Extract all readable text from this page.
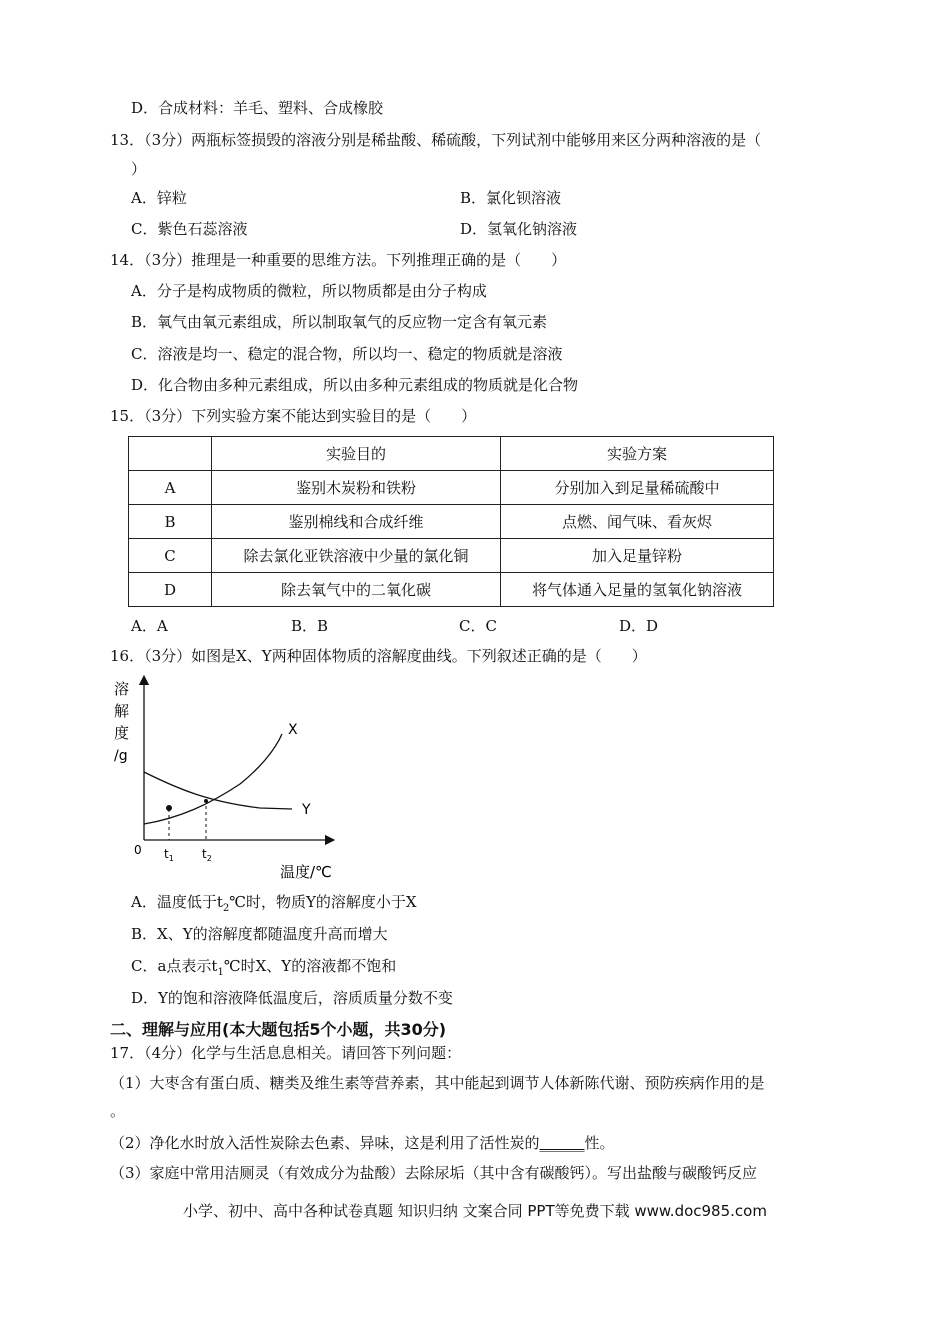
D．合成材料：羊毛、塑料、合成橡胶
13．（3分）两瓶标签损毁的溶液分别是稀盐酸、稀硫酸，下列试剂中能够用来区分两种溶液的是（
）
A．锌粒	B．氯化钡溶液
C．紫色石蕊溶液	D．氢氧化钠溶液
14．（3分）推理是一种重要的思维方法。下列推理正确的是（　　）
A．分子是构成物质的微粒，所以物质都是由分子构成
B．氧气由氧元素组成，所以制取氧气的反应物一定含有氧元素
C．溶液是均一、稳定的混合物，所以均一、稳定的物质就是溶液
D．化合物由多种元素组成，所以由多种元素组成的物质就是化合物
15．（3分）下列实验方案不能达到实验目的是（　　）
	实验目的	实验方案
A	鉴别木炭粉和铁粉	分别加入到足量稀硫酸中
B	鉴别棉线和合成纤维	点燃、闻气味、看灰烬
C	除去氯化亚铁溶液中少量的氯化铜	加入足量锌粉
D	除去氧气中的二氧化碳	将气体通入足量的氢氧化钠溶液
A．A	B．B	C．C	D．D
16．（3分）如图是X、Y两种固体物质的溶解度曲线。下列叙述正确的是（　　）
溶
解
度
/g
0 $t_1$ $t_2$
X
Y
温度/℃
A．温度低于$t_2℃$时，物质Y的溶解度小于X
B．X、Y的溶解度都随温度升高而增大
C．a点表示$t_1℃$时X、Y的溶液都不饱和
D．Y的饱和溶液降低温度后，溶质质量分数不变
二、理解与应用(本大题包括5个小题，共30分)
17．（4分）化学与生活息息相关。请回答下列问题：
（1）大枣含有蛋白质、糖类及维生素等营养素，其中能起到调节人体新陈代谢、预防疾病作用的是
。
（2）净化水时放入活性炭除去色素、异味，这是利用了活性炭的______性。
（3）家庭中常用洁厕灵（有效成分为盐酸）去除尿垢（其中含有碳酸钙）。写出盐酸与碳酸钙反应
小学、初中、高中各种试卷真题 知识归纳 文案合同 PPT等免费下载 www.doc985.com
